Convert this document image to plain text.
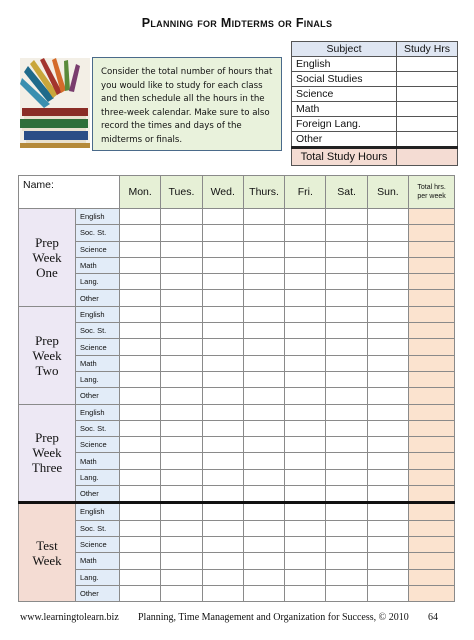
Planning for Midterms or Finals
Consider the total number of hours that you would like to study for each class and then schedule all the hours in the three-week calendar. Make sure to also record the times and days of the midterms or finals.
Subject	Study Hrs
English	
Social Studies	
Science	
Math	
Foreign Lang.	
Other	
Total Study Hours	
Name:		Mon.	Tues.	Wed.	Thurs.	Fri.	Sat.	Sun.	Total hrs.
per week
Prep
Week
One	English								
	Soc. St.								
	Science								
	Math								
	Lang.								
	Other								
Prep
Week
Two	English								
	Soc. St.								
	Science								
	Math								
	Lang.								
	Other								
Prep
Week
Three	English								
	Soc. St.								
	Science								
	Math								
	Lang.								
	Other								
Test
Week	English								
	Soc. St.								
	Science								
	Math								
	Lang.								
	Other								
www.learningtolearn.biz	Planning, Time Management and Organization for Success, © 2010	64
